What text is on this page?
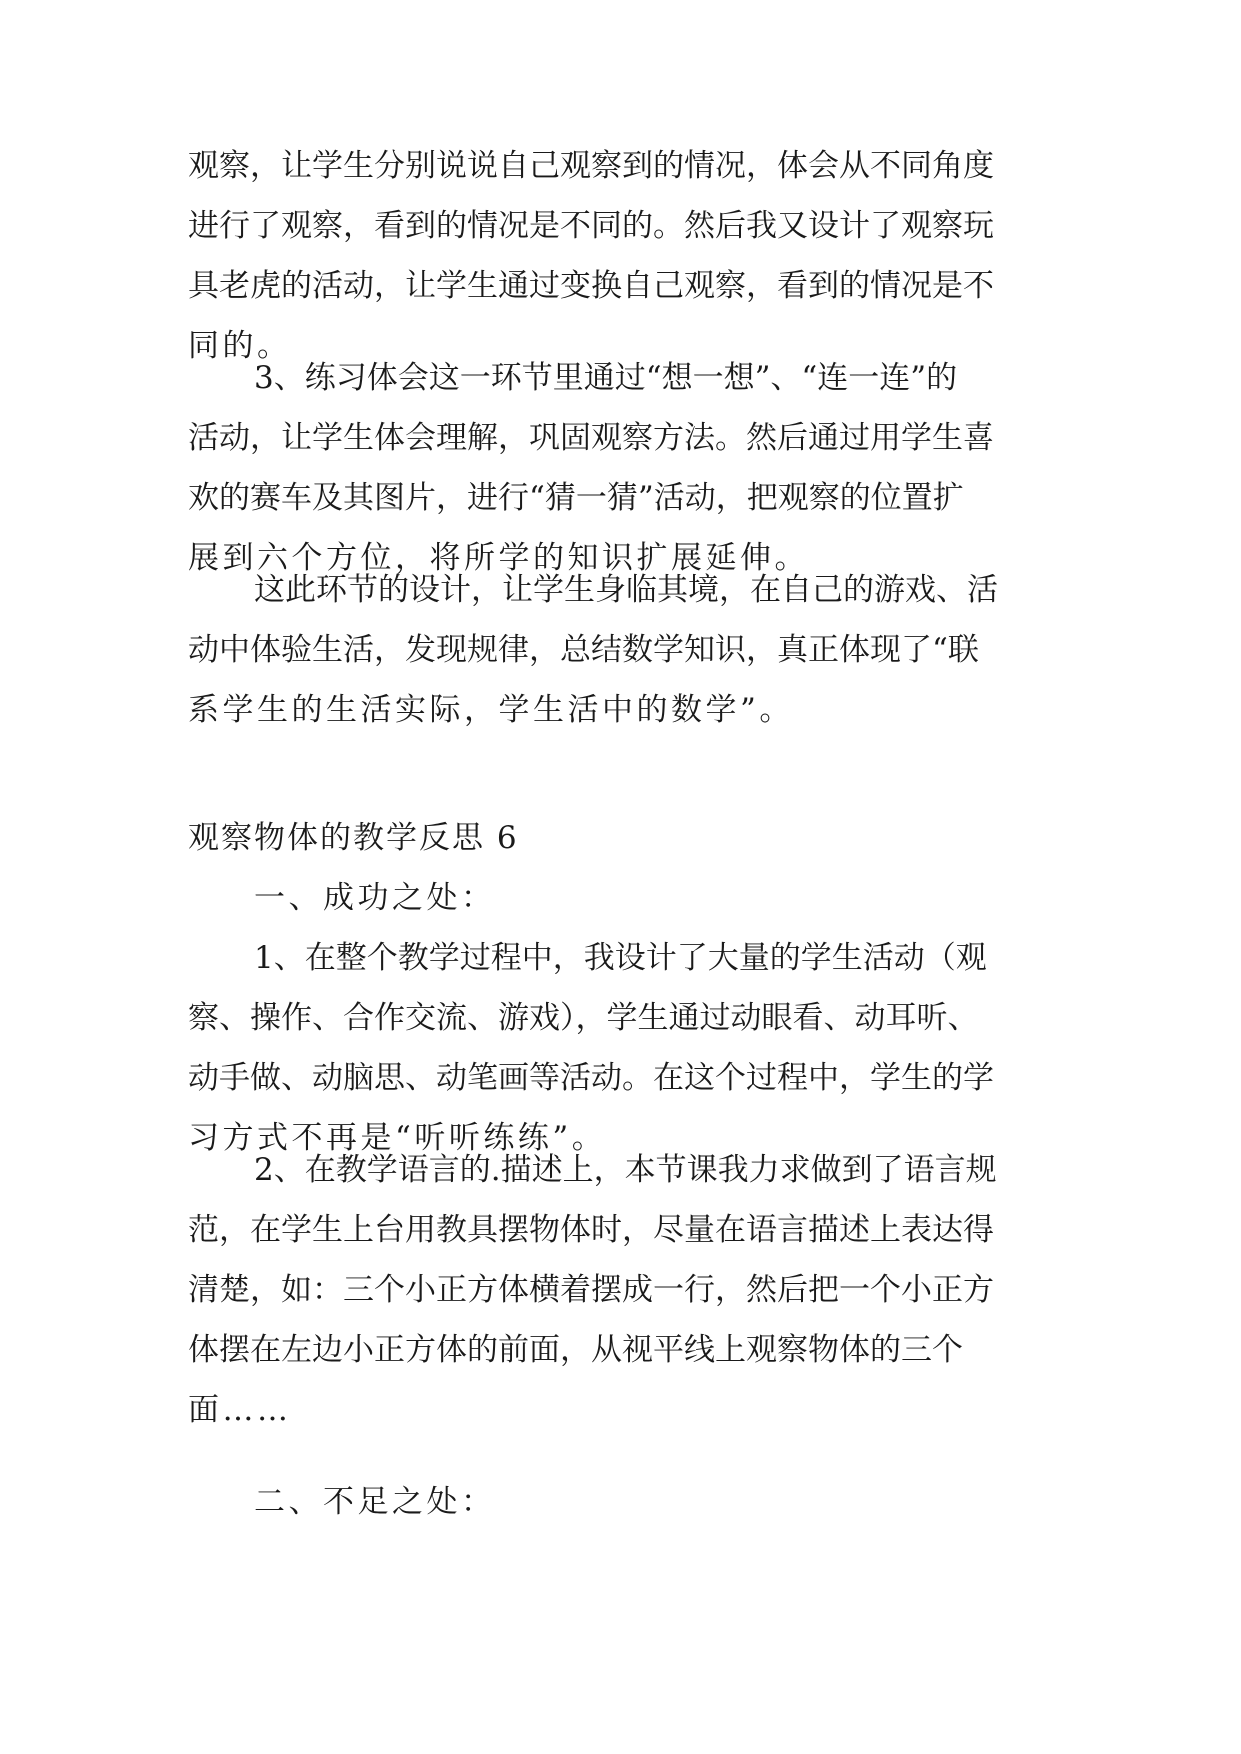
观察，让学生分别说说自己观察到的情况，体会从不同角度
进行了观察，看到的情况是不同的。然后我又设计了观察玩
具老虎的活动，让学生通过变换自己观察，看到的情况是不
同的。
3、练习体会这一环节里通过“想一想”、“连一连”的
活动，让学生体会理解，巩固观察方法。然后通过用学生喜
欢的赛车及其图片，进行“猜一猜”活动，把观察的位置扩
展到六个方位，将所学的知识扩展延伸。
这此环节的设计，让学生身临其境，在自己的游戏、活
动中体验生活，发现规律，总结数学知识，真正体现了“联
系学生的生活实际，学生活中的数学”。
观察物体的教学反思 6
一、成功之处：
1、在整个教学过程中，我设计了大量的学生活动（观
察、操作、合作交流、游戏），学生通过动眼看、动耳听、
动手做、动脑思、动笔画等活动。在这个过程中，学生的学
习方式不再是“听听练练”。
2、在教学语言的.描述上，本节课我力求做到了语言规
范，在学生上台用教具摆物体时，尽量在语言描述上表达得
清楚，如：三个小正方体横着摆成一行，然后把一个小正方
体摆在左边小正方体的前面，从视平线上观察物体的三个
面……
二、不足之处：
